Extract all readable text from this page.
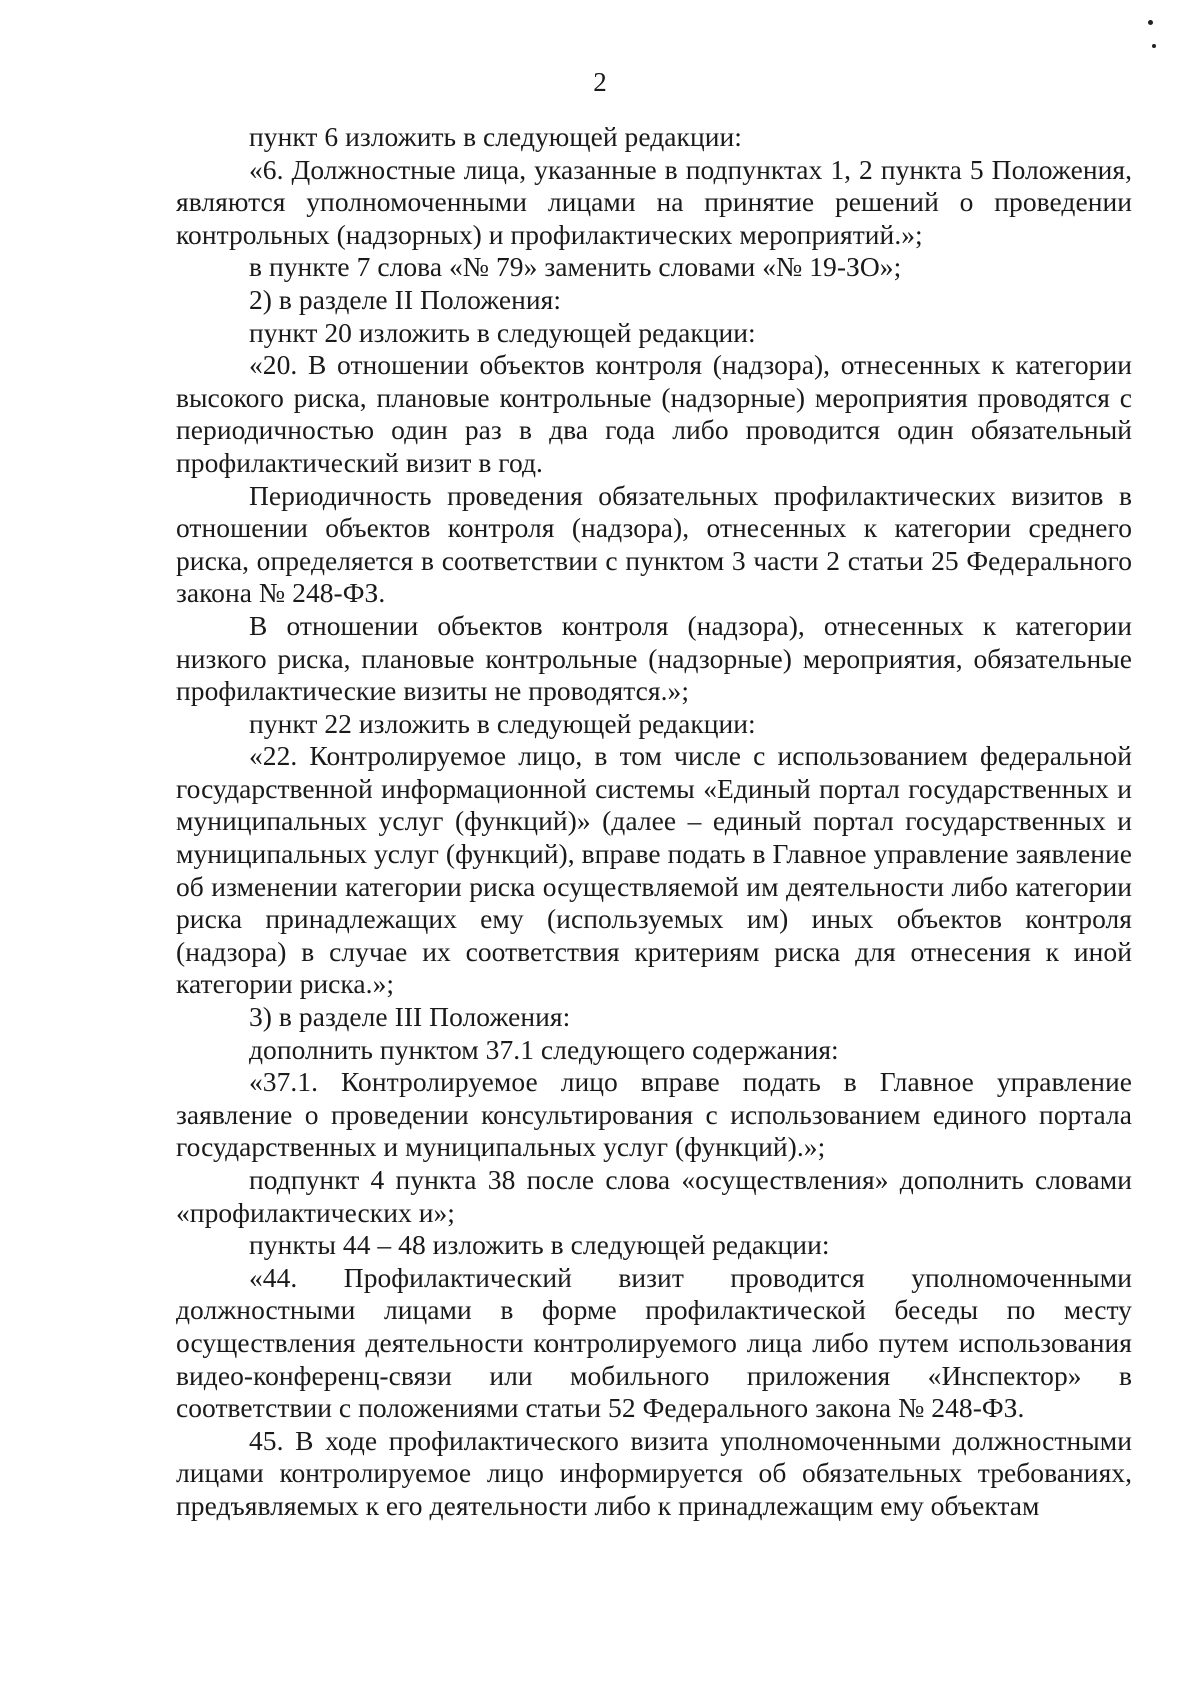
2

пункт 6 изложить в следующей редакции:

«6. Должностные лица, указанные в подпунктах 1, 2 пункта 5 Положения, являются уполномоченными лицами на принятие решений о проведении контрольных (надзорных) и профилактических мероприятий.»;

в пункте 7 слова «№ 79» заменить словами «№ 19-ЗО»;

2) в разделе II Положения:

пункт 20 изложить в следующей редакции:

«20. В отношении объектов контроля (надзора), отнесенных к категории высокого риска, плановые контрольные (надзорные) мероприятия проводятся с периодичностью один раз в два года либо проводится один обязательный профилактический визит в год.

Периодичность проведения обязательных профилактических визитов в отношении объектов контроля (надзора), отнесенных к категории среднего риска, определяется в соответствии с пунктом 3 части 2 статьи 25 Федерального закона № 248-ФЗ.

В отношении объектов контроля (надзора), отнесенных к категории низкого риска, плановые контрольные (надзорные) мероприятия, обязательные профилактические визиты не проводятся.»;

пункт 22 изложить в следующей редакции:

«22. Контролируемое лицо, в том числе с использованием федеральной государственной информационной системы «Единый портал государственных и муниципальных услуг (функций)» (далее – единый портал государственных и муниципальных услуг (функций), вправе подать в Главное управление заявление об изменении категории риска осуществляемой им деятельности либо категории риска принадлежащих ему (используемых им) иных объектов контроля (надзора) в случае их соответствия критериям риска для отнесения к иной категории риска.»;

3) в разделе III Положения:

дополнить пунктом 37.1 следующего содержания:

«37.1. Контролируемое лицо вправе подать в Главное управление заявление о проведении консультирования с использованием единого портала государственных и муниципальных услуг (функций).»;

подпункт 4 пункта 38 после слова «осуществления» дополнить словами «профилактических и»;

пункты 44 – 48 изложить в следующей редакции:

«44. Профилактический визит проводится уполномоченными должностными лицами в форме профилактической беседы по месту осуществления деятельности контролируемого лица либо путем использования видео-конференц-связи или мобильного приложения «Инспектор» в соответствии с положениями статьи 52 Федерального закона № 248-ФЗ.

45. В ходе профилактического визита уполномоченными должностными лицами контролируемое лицо информируется об обязательных требованиях, предъявляемых к его деятельности либо к принадлежащим ему объектам
